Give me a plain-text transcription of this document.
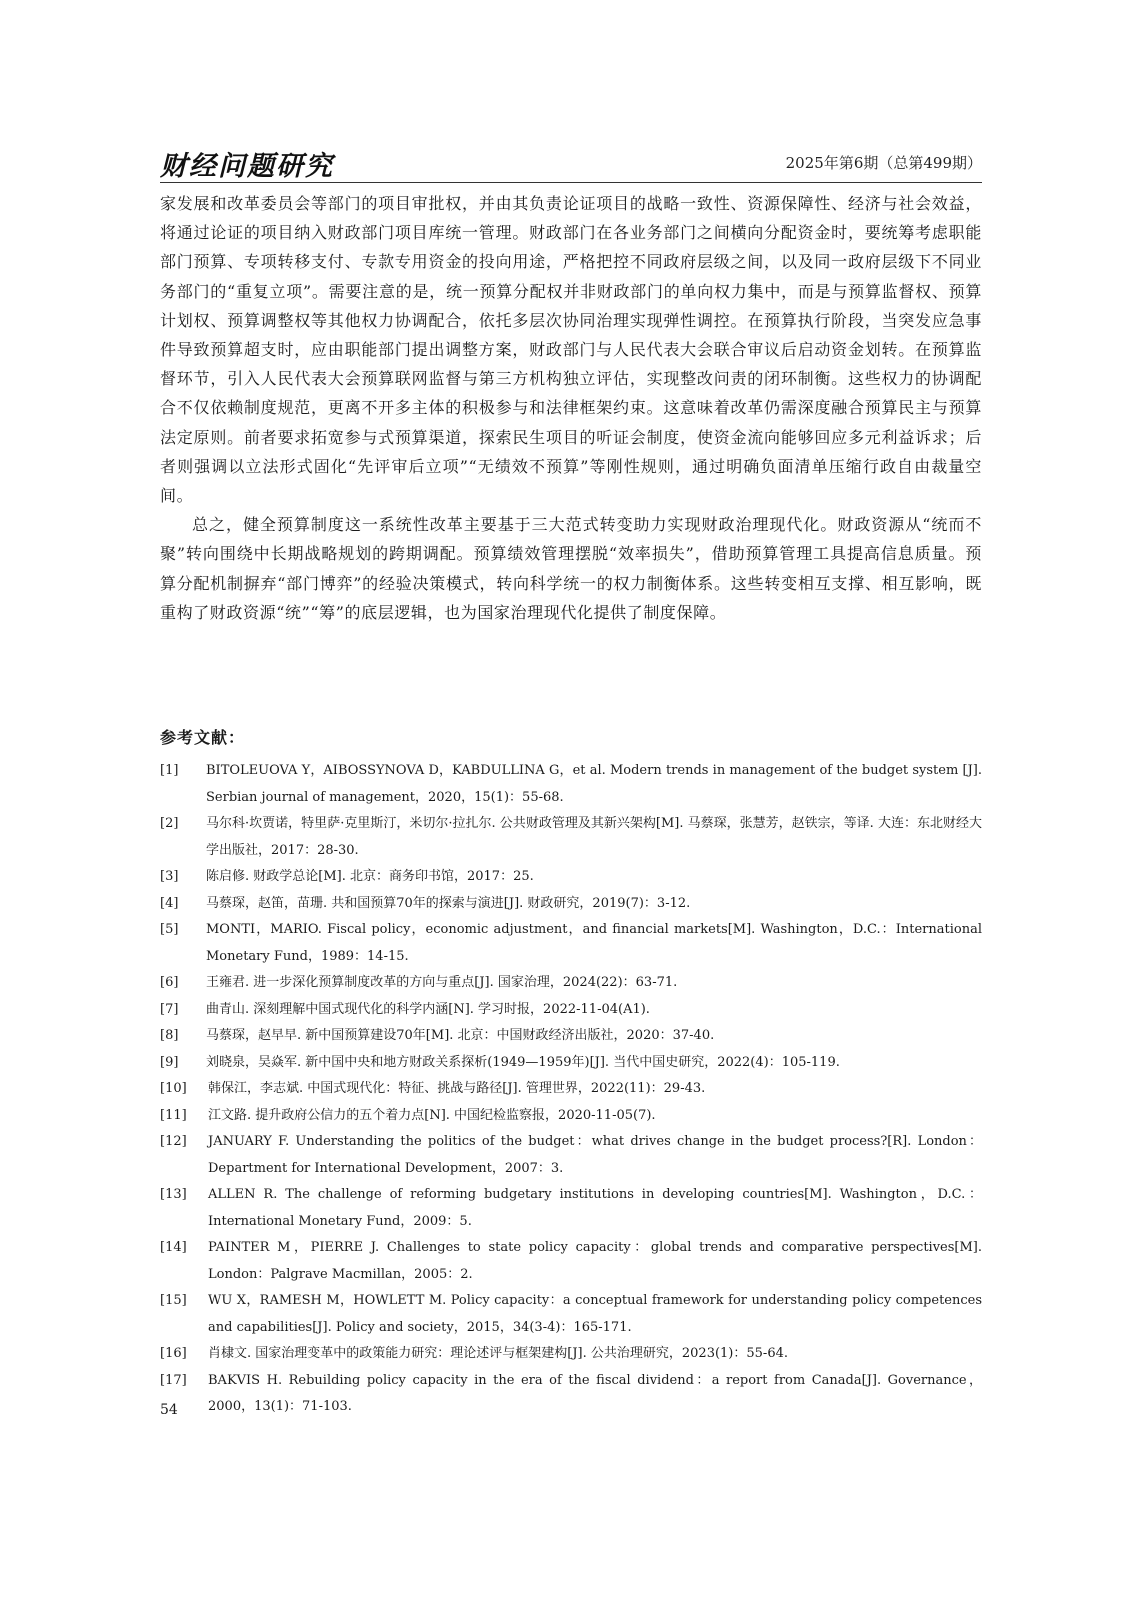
财经问题研究	2025年第6期（总第499期）

家发展和改革委员会等部门的项目审批权，并由其负责论证项目的战略一致性、资源保障性、经济与社会效益，将通过论证的项目纳入财政部门项目库统一管理。财政部门在各业务部门之间横向分配资金时，要统筹考虑职能部门预算、专项转移支付、专款专用资金的投向用途，严格把控不同政府层级之间，以及同一政府层级下不同业务部门的“重复立项”。需要注意的是，统一预算分配权并非财政部门的单向权力集中，而是与预算监督权、预算计划权、预算调整权等其他权力协调配合，依托多层次协同治理实现弹性调控。在预算执行阶段，当突发应急事件导致预算超支时，应由职能部门提出调整方案，财政部门与人民代表大会联合审议后启动资金划转。在预算监督环节，引入人民代表大会预算联网监督与第三方机构独立评估，实现整改问责的闭环制衡。这些权力的协调配合不仅依赖制度规范，更离不开多主体的积极参与和法律框架约束。这意味着改革仍需深度融合预算民主与预算法定原则。前者要求拓宽参与式预算渠道，探索民生项目的听证会制度，使资金流向能够回应多元利益诉求；后者则强调以立法形式固化“先评审后立项”“无绩效不预算”等刚性规则，通过明确负面清单压缩行政自由裁量空间。

总之，健全预算制度这一系统性改革主要基于三大范式转变助力实现财政治理现代化。财政资源从“统而不聚”转向围绕中长期战略规划的跨期调配。预算绩效管理摆脱“效率损失”，借助预算管理工具提高信息质量。预算分配机制摒弃“部门博弈”的经验决策模式，转向科学统一的权力制衡体系。这些转变相互支撑、相互影响，既重构了财政资源“统”“筹”的底层逻辑，也为国家治理现代化提供了制度保障。

参考文献：
[1]	BITOLEUOVA Y，AIBOSSYNOVA D，KABDULLINA G，et al. Modern trends in management of the budget system [J]. Serbian journal of management，2020，15(1)：55-68.
[2]	马尔科·坎贾诺，特里萨·克里斯汀，米切尔·拉扎尔. 公共财政管理及其新兴架构[M]. 马蔡琛，张慧芳，赵铁宗，等译. 大连：东北财经大学出版社，2017：28-30.
[3]	陈启修. 财政学总论[M]. 北京：商务印书馆，2017：25.
[4]	马蔡琛，赵笛，苗珊. 共和国预算70年的探索与演进[J]. 财政研究，2019(7)：3-12.
[5]	MONTI，MARIO. Fiscal policy，economic adjustment，and financial markets[M]. Washington，D.C.：International Monetary Fund，1989：14-15.
[6]	王雍君. 进一步深化预算制度改革的方向与重点[J]. 国家治理，2024(22)：63-71.
[7]	曲青山. 深刻理解中国式现代化的科学内涵[N]. 学习时报，2022-11-04(A1).
[8]	马蔡琛，赵早早. 新中国预算建设70年[M]. 北京：中国财政经济出版社，2020：37-40.
[9]	刘晓泉，吴焱军. 新中国中央和地方财政关系探析(1949—1959年)[J]. 当代中国史研究，2022(4)：105-119.
[10]	韩保江，李志斌. 中国式现代化：特征、挑战与路径[J]. 管理世界，2022(11)：29-43.
[11]	江文路. 提升政府公信力的五个着力点[N]. 中国纪检监察报，2020-11-05(7).
[12]	JANUARY F. Understanding the politics of the budget：what drives change in the budget process?[R]. London：Department for International Development，2007：3.
[13]	ALLEN R. The challenge of reforming budgetary institutions in developing countries[M]. Washington，D.C.：International Monetary Fund，2009：5.
[14]	PAINTER M，PIERRE J. Challenges to state policy capacity：global trends and comparative perspectives[M]. London：Palgrave Macmillan，2005：2.
[15]	WU X，RAMESH M，HOWLETT M. Policy capacity：a conceptual framework for understanding policy competences and capabilities[J]. Policy and society，2015，34(3-4)：165-171.
[16]	肖棣文. 国家治理变革中的政策能力研究：理论述评与框架建构[J]. 公共治理研究，2023(1)：55-64.
[17]	BAKVIS H. Rebuilding policy capacity in the era of the fiscal dividend：a report from Canada[J]. Governance，2000，13(1)：71-103.
54
